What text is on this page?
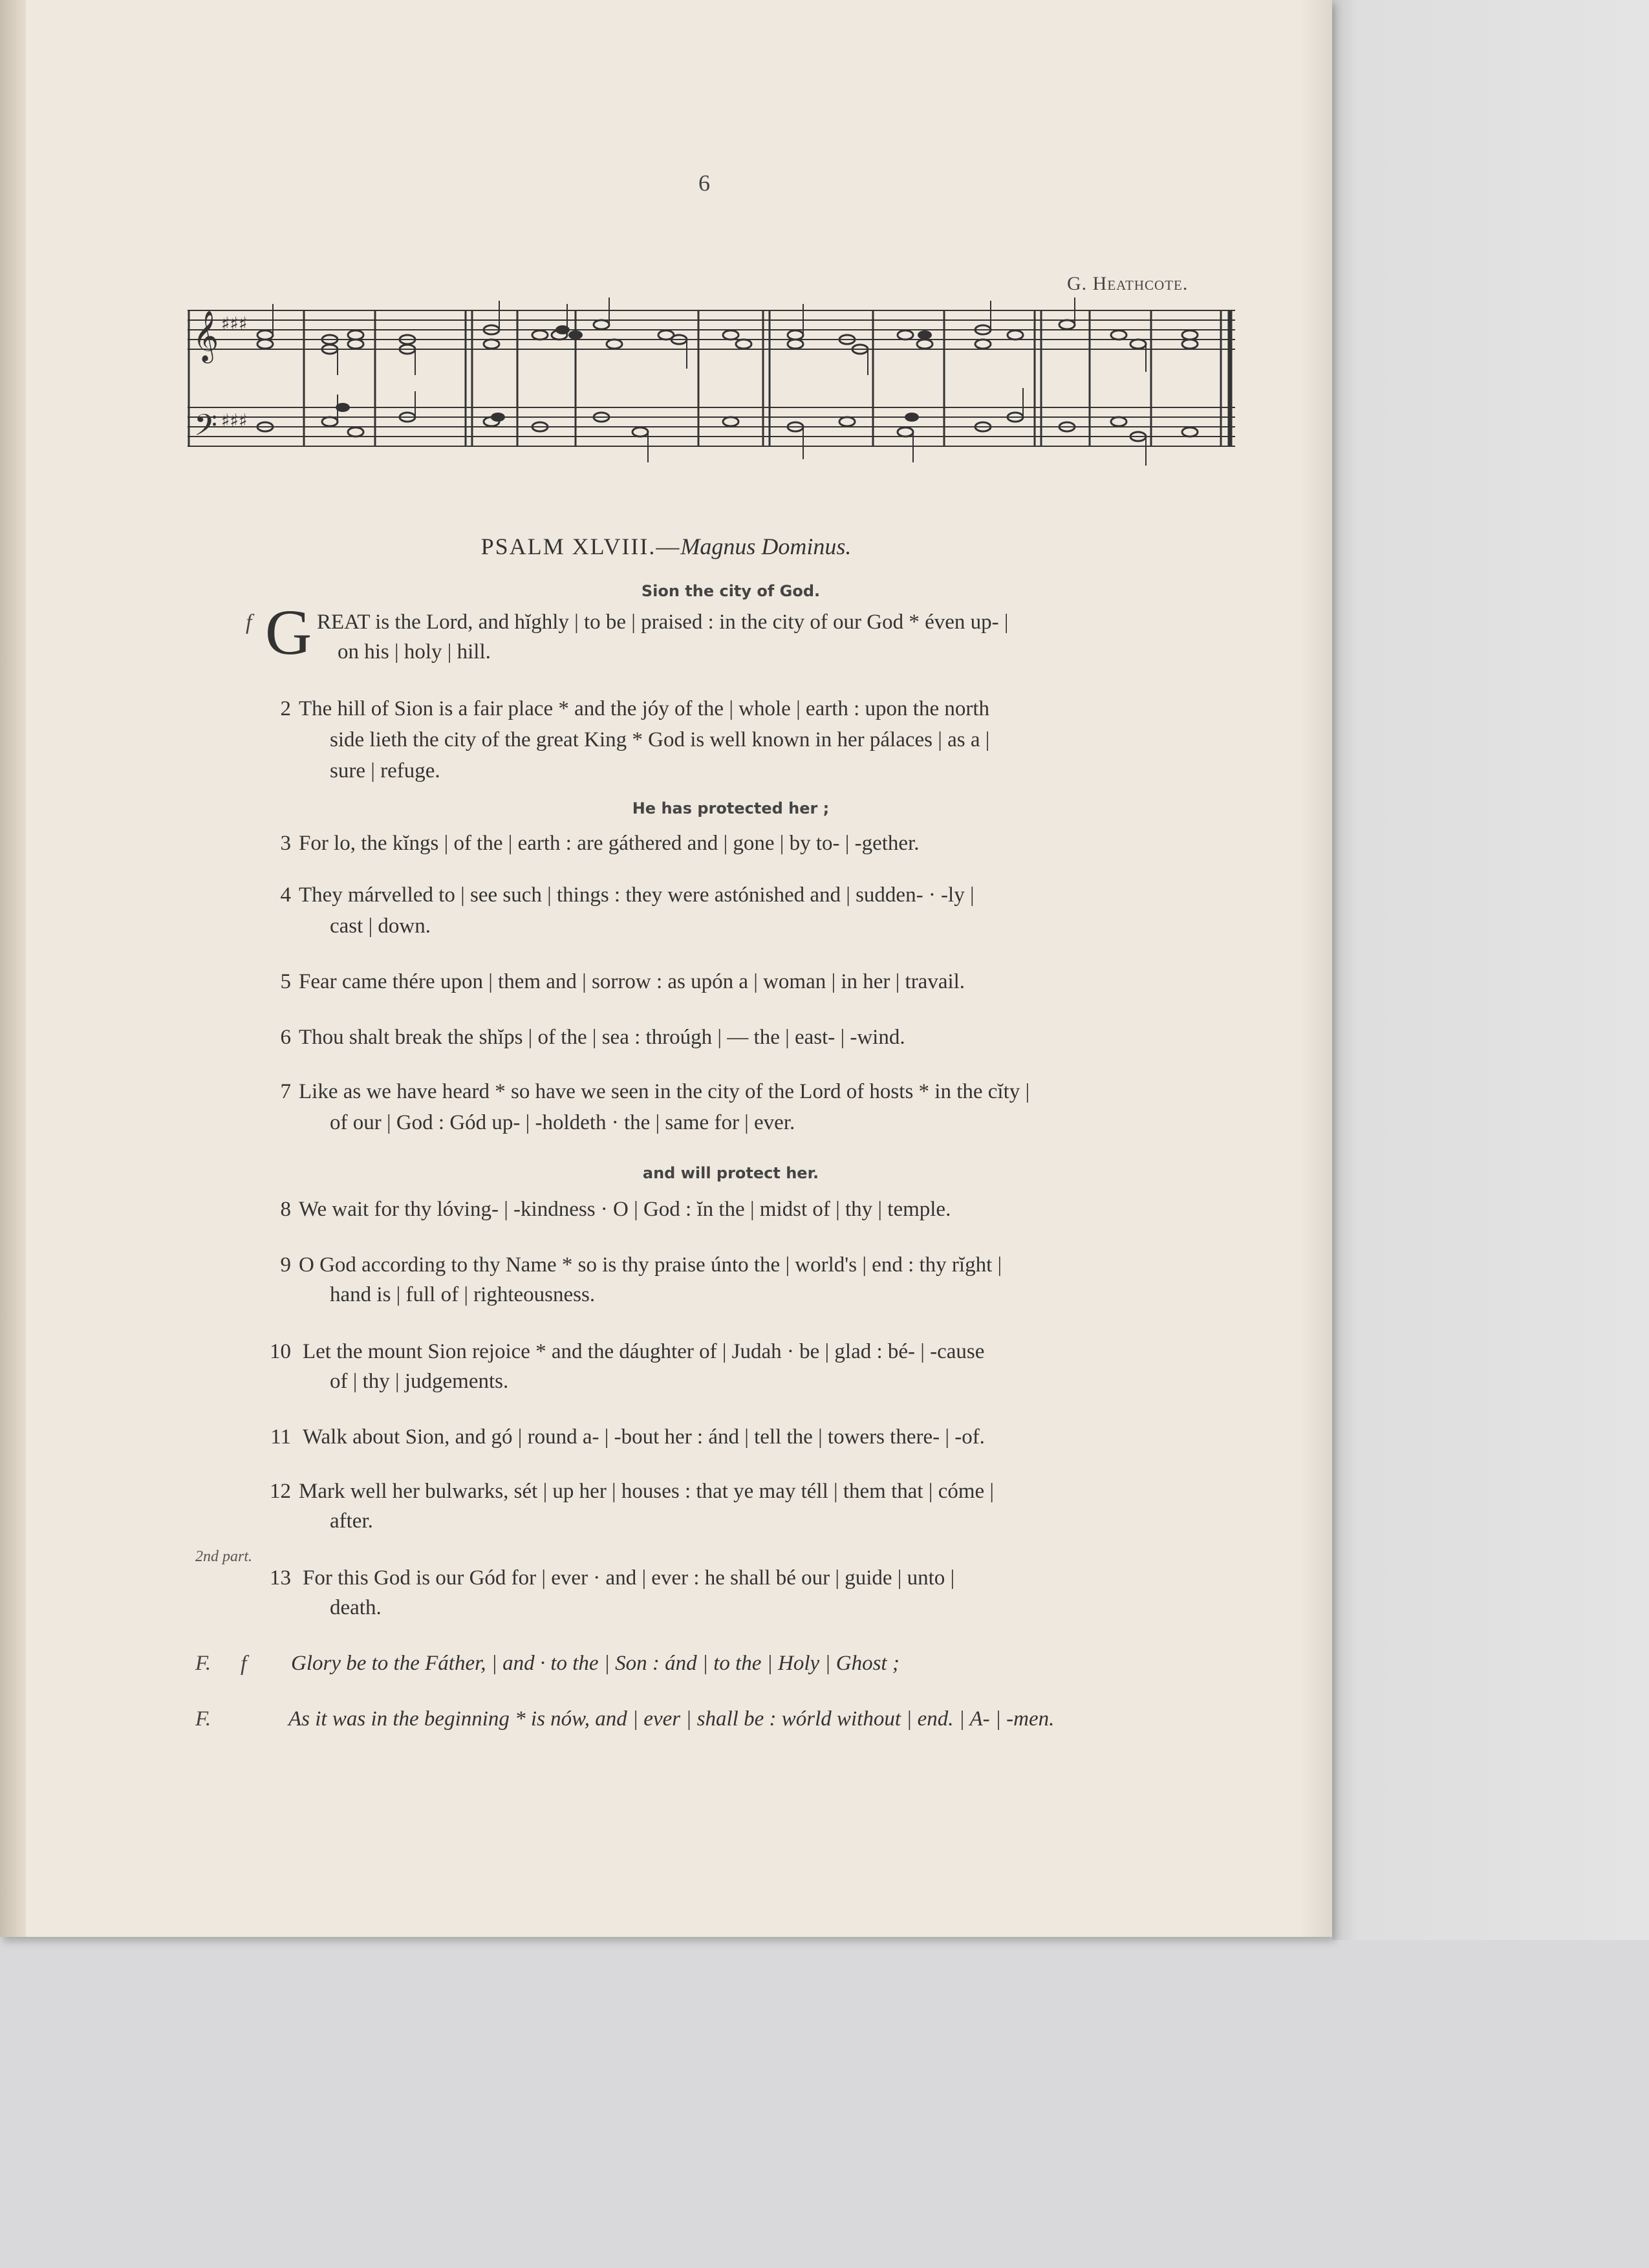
6
G. Heathcote.
𝄞
𝄢
♯♯♯
♯♯♯
PSALM XLVIII.—Magnus Dominus.
Sion the city of God.
He has protected her ;
and will protect her.
f G REAT is the Lord, and hĭghly | to be | praised : in the city of our God * éven up- |
on his | holy | hill.
2 The hill of Sion is a fair place * and the jóy of the | whole | earth : upon the north
side lieth the city of the great King * God is well known in her pálaces | as a |
sure | refuge.
3 For lo, the kĭngs | of the | earth : are gáthered and | gone | by to- | -gether.
4 They márvelled to | see such | things : they were astónished and | sudden- · -ly |
cast | down.
5 Fear came thére upon | them and | sorrow : as upón a | woman | in her | travail.
6 Thou shalt break the shĭps | of the | sea : throúgh | — the | east- | -wind.
7 Like as we have heard * so have we seen in the city of the Lord of hosts * in the cĭty |
of our | God : Gód up- | -holdeth · the | same for | ever.
8 We wait for thy lóving- | -kindness · O | God : ĭn the | midst of | thy | temple.
9 O God according to thy Name * so is thy praise únto the | world's | end : thy rĭght |
hand is | full of | righteousness.
10 Let the mount Sion rejoice * and the dáughter of | Judah · be | glad : bé- | -cause
of | thy | judgements.
11 Walk about Sion, and gó | round a- | -bout her : ánd | tell the | towers there- | -of.
12 Mark well her bulwarks, sét | up her | houses : that ye may téll | them that | cóme |
after.
2nd part.
13 For this God is our Gód for | ever · and | ever : he shall bé our | guide | unto |
death.
F. f Glory be to the Fáther, | and · to the | Son : ánd | to the | Holy | Ghost ;
F.	As it was in the beginning * is nów, and | ever | shall be : wórld without | end. | A- | -men.
